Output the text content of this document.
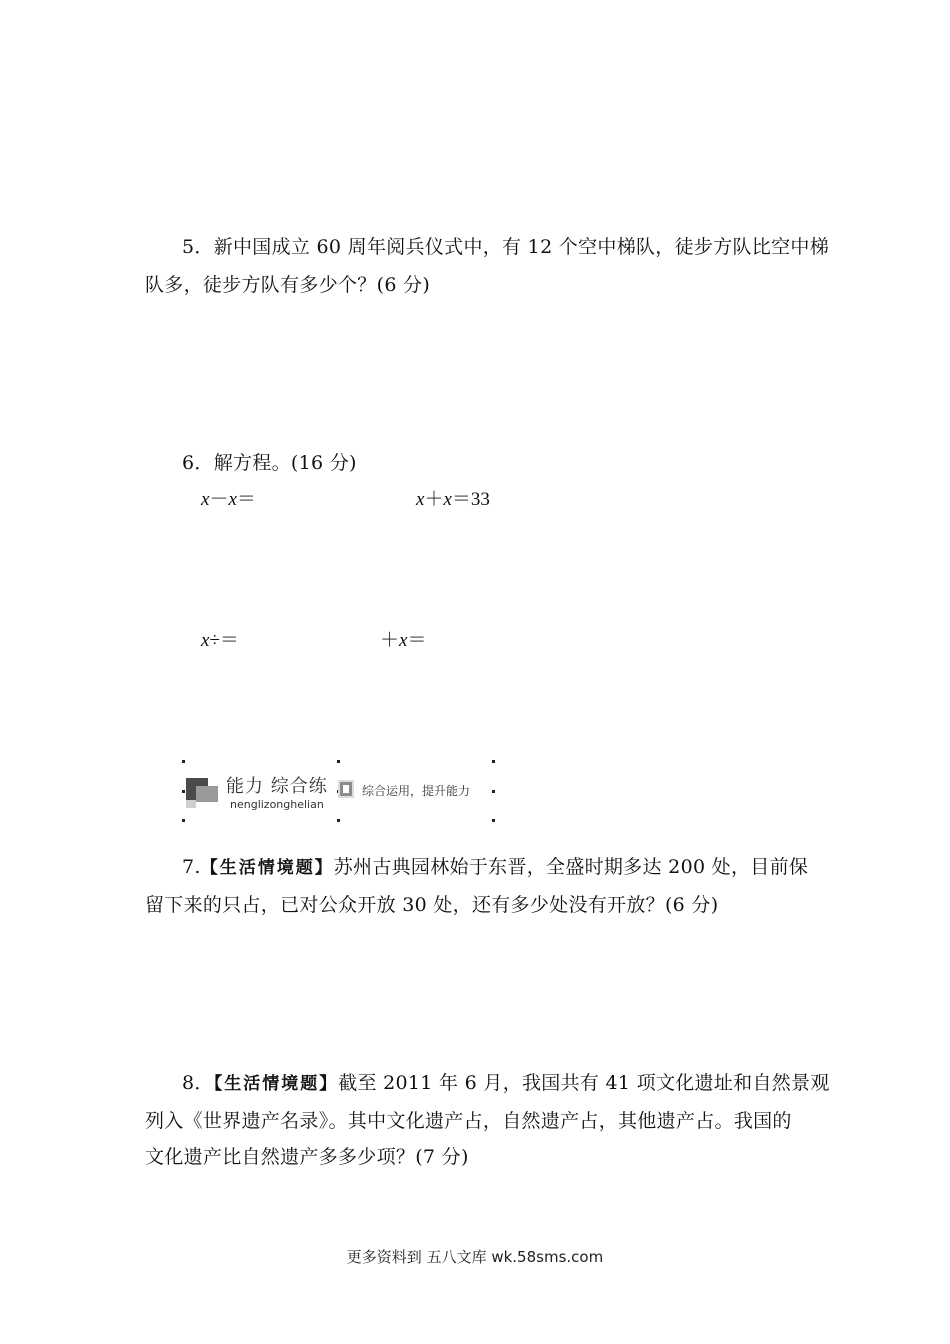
5．新中国成立 60 周年阅兵仪式中，有 12 个空中梯队，徒步方队比空中梯
队多，徒步方队有多少个？(6 分)
6．解方程。(16 分)
x－x＝	x＋x＝33
x÷＝	＋x＝
能力 综合练
nenglizonghelian
综合运用，提升能力
7.【生活情境题】苏州古典园林始于东晋，全盛时期多达 200 处，目前保
留下来的只占，已对公众开放 30 处，还有多少处没有开放？(6 分)
8．【生活情境题】截至 2011 年 6 月，我国共有 41 项文化遗址和自然景观
列入《世界遗产名录》。其中文化遗产占，自然遗产占，其他遗产占。我国的
文化遗产比自然遗产多多少项？(7 分)
更多资料到 五八文库 wk.58sms.com
